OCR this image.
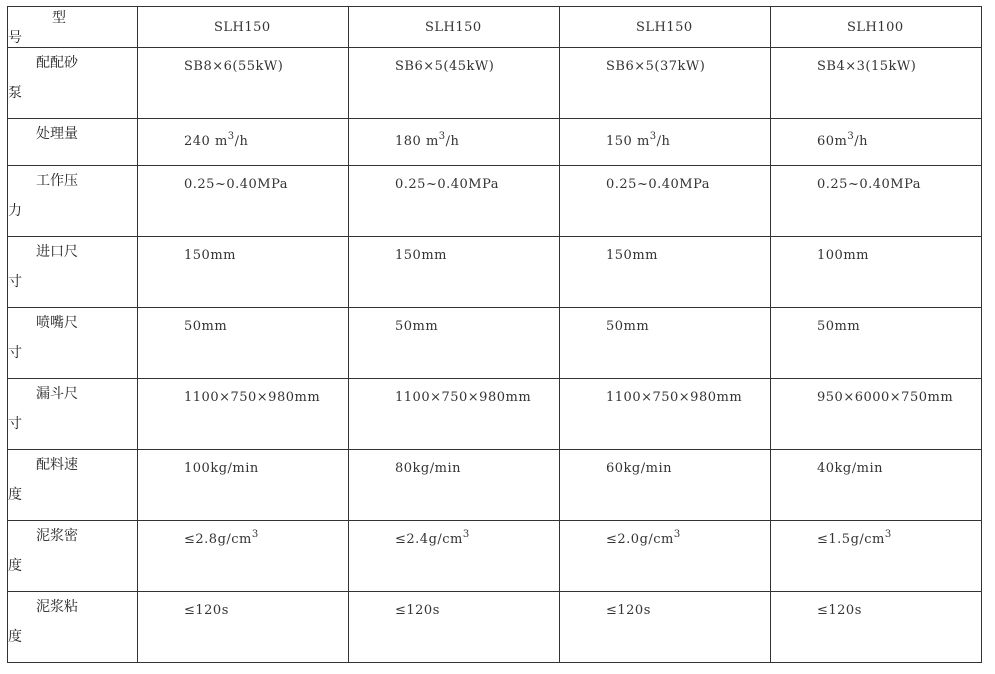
型 号	SLH150	SLH150	SLH150	SLH100

配配砂
泵	SB8×6(55kW)	SB6×5(45kW)	SB6×5(37kW)	SB4×3(15kW)

处理量	240 $m^3/h$	180 $m^3/h$	150 $m^3/h$	$60m^3/h$

工作压
力	0.25~0.40MPa	0.25~0.40MPa	0.25~0.40MPa	0.25~0.40MPa

进口尺
寸	150mm	150mm	150mm	100mm

喷嘴尺
寸	50mm	50mm	50mm	50mm

漏斗尺
寸	1100×750×980mm	1100×750×980mm	1100×750×980mm	950×6000×750mm

配料速
度	100kg/min	80kg/min	60kg/min	40kg/min

泥浆密
度	$\le 2.8g/cm^3$	$\le 2.4g/cm^3$	$\le 2.0g/cm^3$	$\le 1.5g/cm^3$

泥浆粘
度	≤120s	≤120s	≤120s	≤120s
